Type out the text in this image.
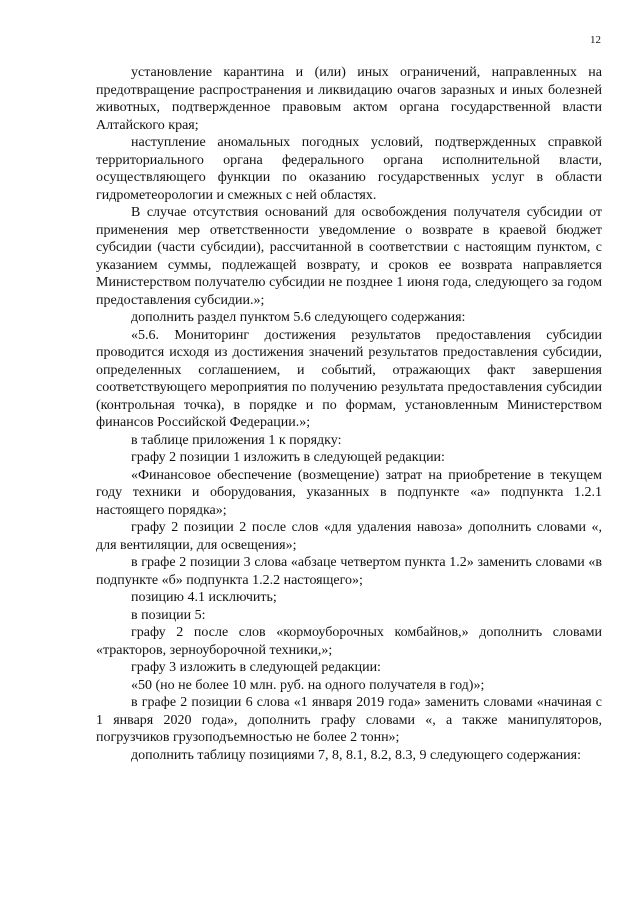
12

установление карантина и (или) иных ограничений, направленных на предотвращение распространения и ликвидацию очагов заразных и иных болезней животных, подтвержденное правовым актом органа государственной власти Алтайского края;

наступление аномальных погодных условий, подтвержденных справкой территориального органа федерального органа исполнительной власти, осуществляющего функции по оказанию государственных услуг в области гидрометеорологии и смежных с ней областях.

В случае отсутствия оснований для освобождения получателя субсидии от применения мер ответственности уведомление о возврате в краевой бюджет субсидии (части субсидии), рассчитанной в соответствии с настоящим пунктом, с указанием суммы, подлежащей возврату, и сроков ее возврата направляется Министерством получателю субсидии не позднее 1 июня года, следующего за годом предоставления субсидии.»;

дополнить раздел пунктом 5.6 следующего содержания:

«5.6. Мониторинг достижения результатов предоставления субсидии проводится исходя из достижения значений результатов предоставления субсидии, определенных соглашением, и событий, отражающих факт завершения соответствующего мероприятия по получению результата предоставления субсидии (контрольная точка), в порядке и по формам, установленным Министерством финансов Российской Федерации.»;

в таблице приложения 1 к порядку:

графу 2 позиции 1 изложить в следующей редакции:

«Финансовое обеспечение (возмещение) затрат на приобретение в текущем году техники и оборудования, указанных в подпункте «а» подпункта 1.2.1 настоящего порядка»;

графу 2 позиции 2 после слов «для удаления навоза» дополнить словами «, для вентиляции, для освещения»;

в графе 2 позиции 3 слова «абзаце четвертом пункта 1.2» заменить словами «в подпункте «б» подпункта 1.2.2 настоящего»;

позицию 4.1 исключить;

в позиции 5:

графу 2 после слов «кормоуборочных комбайнов,» дополнить словами «тракторов, зерноуборочной техники,»;

графу 3 изложить в следующей редакции:

«50 (но не более 10 млн. руб. на одного получателя в год)»;

в графе 2 позиции 6 слова «1 января 2019 года» заменить словами «начиная с 1 января 2020 года», дополнить графу словами «, а также манипуляторов, погрузчиков грузоподъемностью не более 2 тонн»;

дополнить таблицу позициями 7, 8, 8.1, 8.2, 8.3, 9 следующего содержания:
